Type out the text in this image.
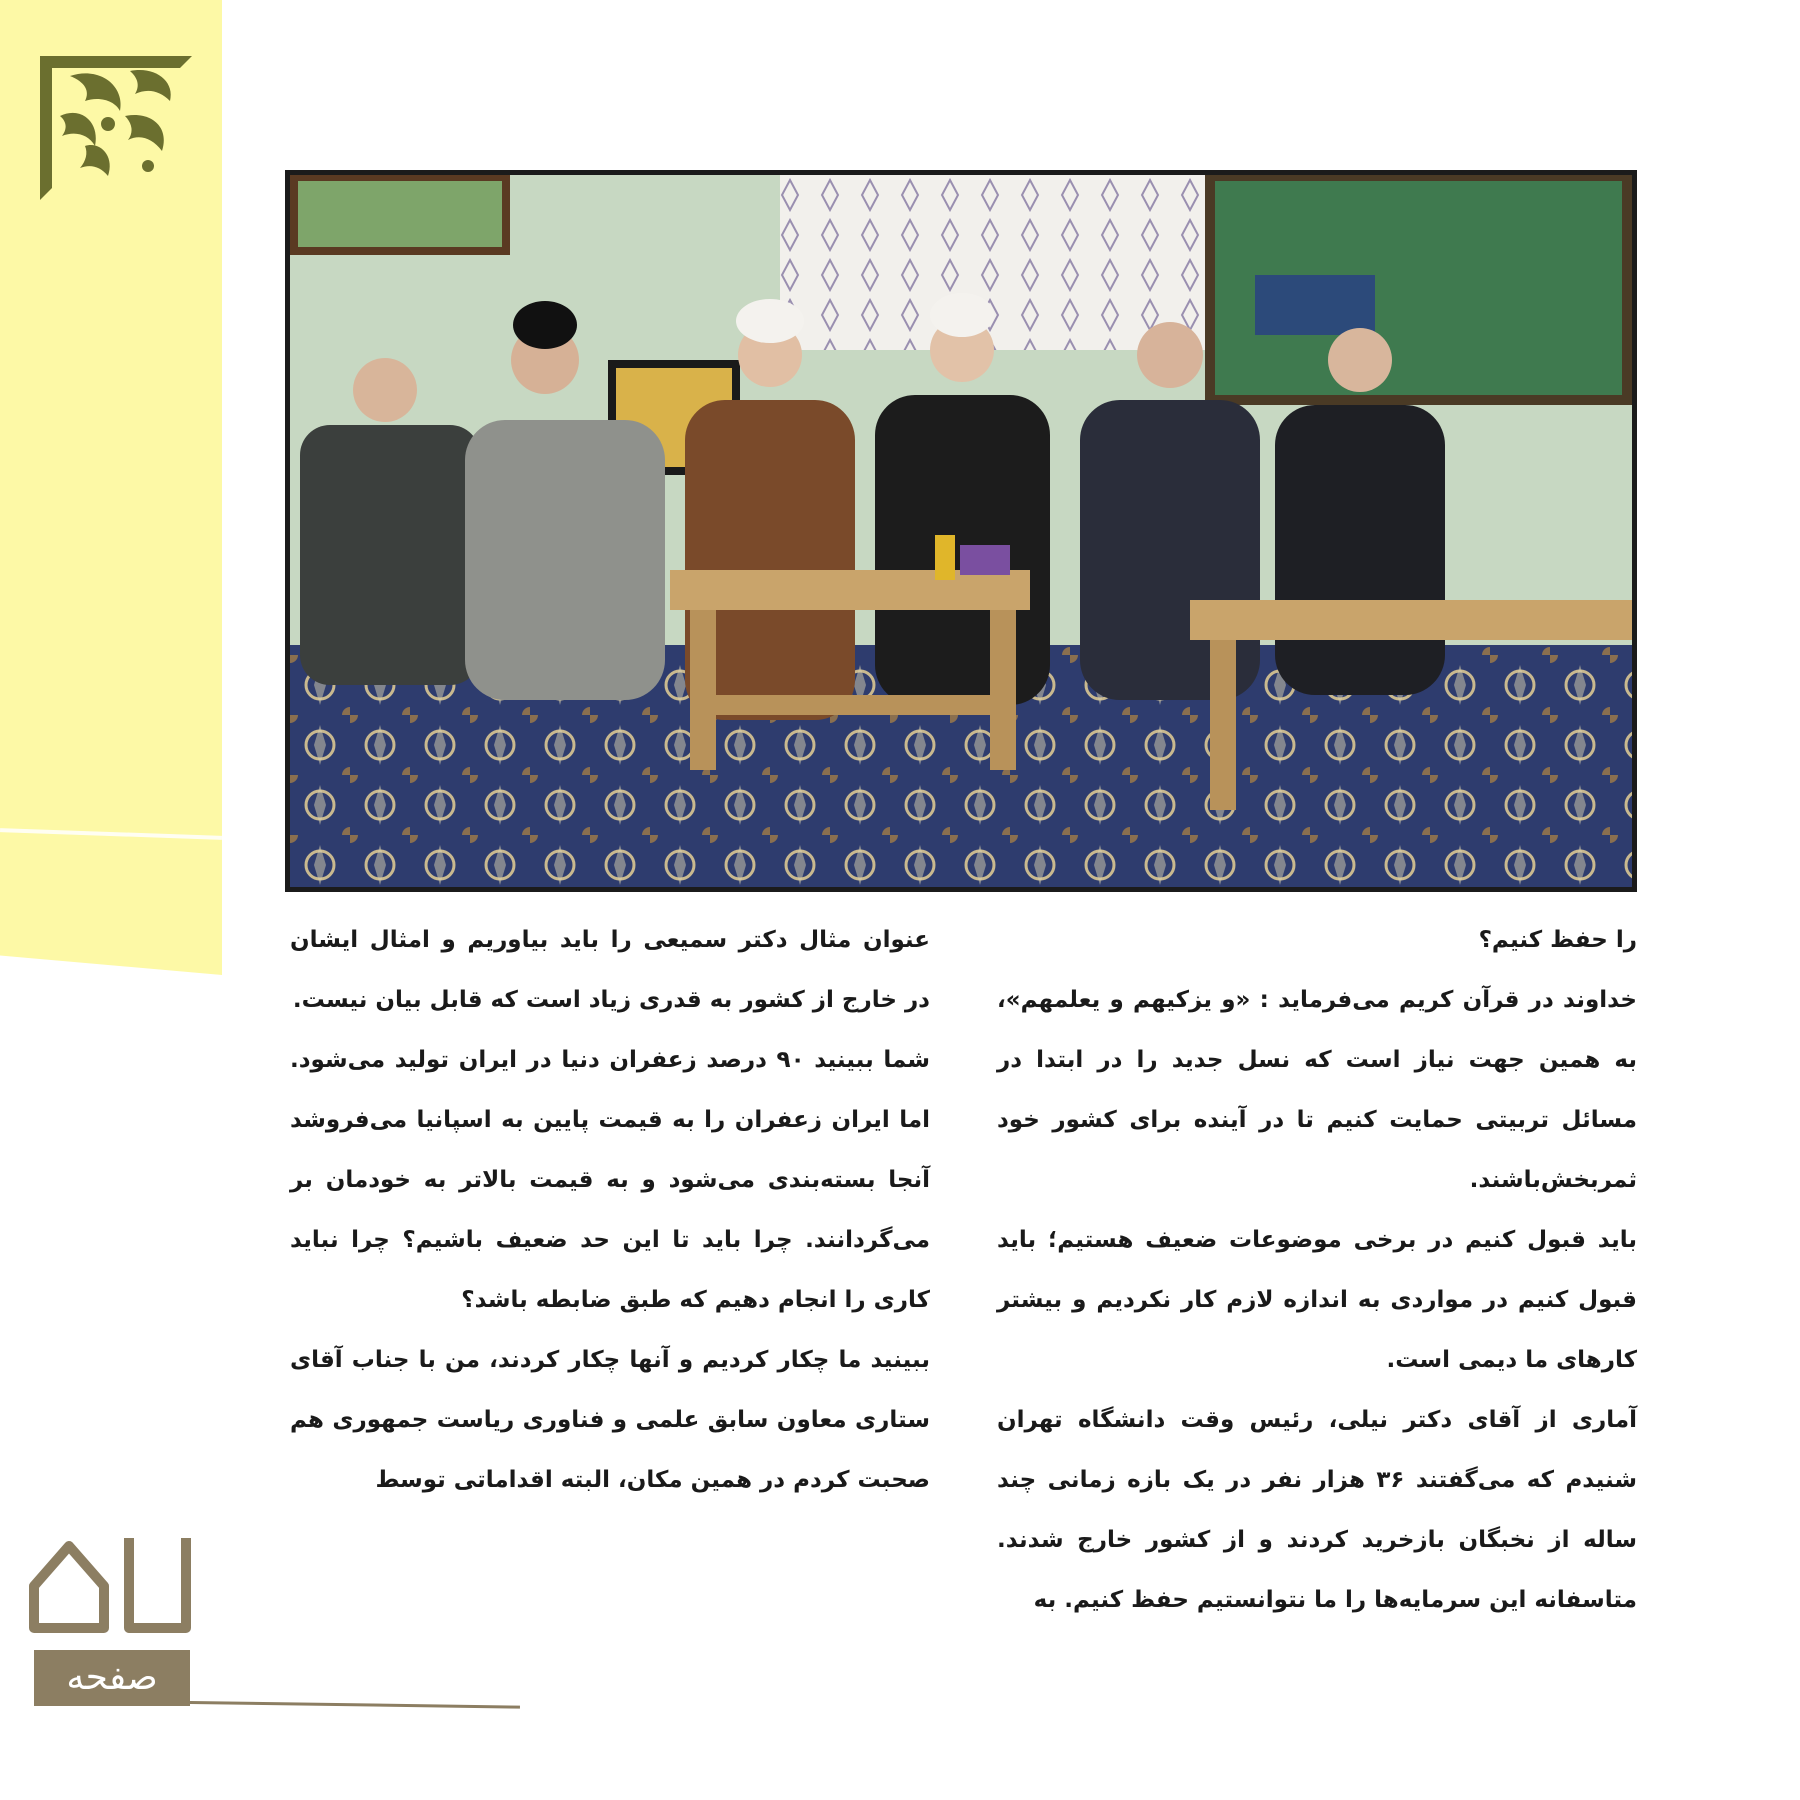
را حفظ کنیم؟
خداوند در قرآن کریم می‌فرماید : «و یزکیهم و یعلمهم»، به همین جهت نیاز است که نسل جدید را در ابتدا در مسائل تربیتی حمایت کنیم تا در آینده برای کشور خود ثمربخش‌باشند.
باید قبول کنیم در برخی موضوعات ضعیف هستیم؛ باید قبول کنیم در مواردی به اندازه لازم کار نکردیم و بیشتر کارهای ما دیمی است.
آماری از آقای دکتر نیلی، رئیس وقت دانشگاه تهران شنیدم که می‌گفتند ۳۶ هزار نفر در یک بازه زمانی چند ساله از نخبگان بازخرید کردند و از کشور خارج شدند. متاسفانه این سرمایه‌ها را ما نتوانستیم حفظ کنیم. به
عنوان مثال دکتر سمیعی را باید بیاوریم و امثال ایشان در خارج از کشور به قدری زیاد است که قابل بیان نیست.
شما ببینید ۹۰ درصد زعفران دنیا در ایران تولید می‌شود. اما ایران زعفران را به قیمت پایین به اسپانیا می‌فروشد آنجا بسته‌بندی می‌شود و به قیمت بالاتر به خودمان بر می‌گردانند. چرا باید تا این حد ضعیف باشیم؟ چرا نباید کاری را انجام دهیم که طبق ضابطه باشد؟
ببینید ما چکار کردیم و آنها چکار کردند، من با جناب آقای ستاری معاون سابق علمی و فناوری ریاست جمهوری هم صحبت کردم در همین مکان، البته اقداماتی توسط
صفحه
